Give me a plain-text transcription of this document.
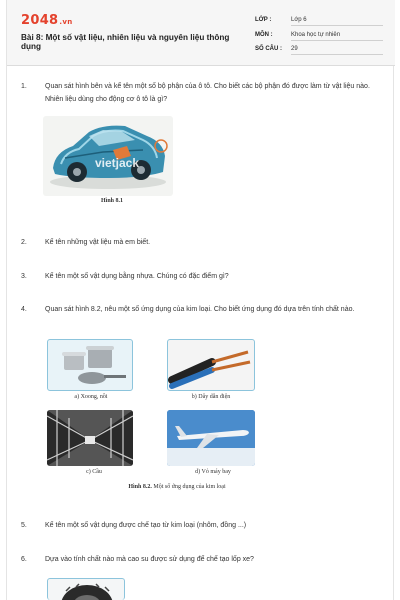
2048.vn
Bài 8: Một số vật liệu, nhiên liệu và nguyên liệu thông dụng
LỚP :	Lớp 6
MÔN :	Khoa học tự nhiên
SỐ CÂU : 29
1.	Quan sát hình bên và kể tên một số bộ phận của ô tô. Cho biết các bộ phận đó được làm từ vật liệu nào. Nhiên liệu dùng cho động cơ ô tô là gì?
vietjack
Hình 8.1
2.	Kể tên những vật liệu mà em biết.
3.	Kể tên một số vật dụng bằng nhựa. Chúng có đặc điểm gì?
4.	Quan sát hình 8.2, nêu một số ứng dụng của kim loại. Cho biết ứng dụng đó dựa trên tính chất nào.
a) Xoong, nồi	b) Dây dẫn điện
c) Cầu	d) Vỏ máy bay
Hình 8.2. Một số ứng dụng của kim loại
5.	Kể tên một số vật dụng được chế tạo từ kim loại (nhôm, đồng ...)
6.	Dựa vào tính chất nào mà cao su được sử dụng để chế tạo lốp xe?
